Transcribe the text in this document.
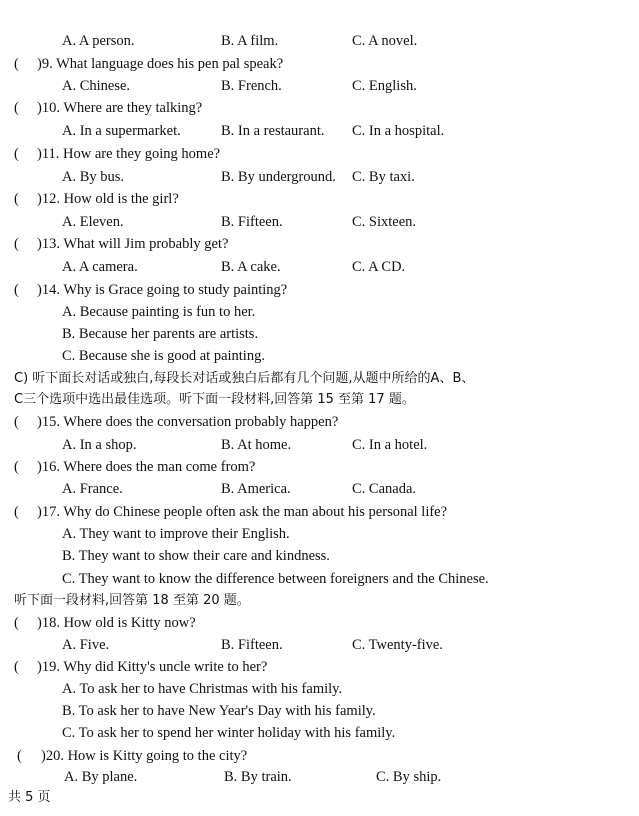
A. A person.	B. A film.	C. A novel.
( )9. What language does his pen pal speak?
A. Chinese.	B. French.	C. English.
( )10. Where are they talking?
A. In a supermarket.	B. In a restaurant. C. In a hospital.
( )11. How are they going home?
A. By bus.	B. By underground. C. By taxi.
( )12. How old is the girl?
A. Eleven.	B. Fifteen.	C. Sixteen.
( )13. What will Jim probably get?
A. A camera.	B. A cake.	C. A CD.
( )14. Why is Grace going to study painting?
A. Because painting is fun to her.
B. Because her parents are artists.
C. Because she is good at painting.
C) 听下面长对话或独白,每段长对话或独白后都有几个问题,从题中所给的A、B、
C三个选项中选出最佳选项。听下面一段材料,回答第 15 至第 17 题。
( )15. Where does the conversation probably happen?
A. In a shop.	B. At home.	C. In a hotel.
( )16. Where does the man come from?
A. France.	B. America.	C. Canada.
( )17. Why do Chinese people often ask the man about his personal life?
A. They want to improve their English.
B. They want to show their care and kindness.
C. They want to know the difference between foreigners and the Chinese.
听下面一段材料,回答第 18 至第 20 题。
( )18. How old is Kitty now?
A. Five.	B. Fifteen.	C. Twenty-five.
( )19. Why did Kitty's uncle write to her?
A. To ask her to have Christmas with his family.
B. To ask her to have New Year's Day with his family.
C. To ask her to spend her winter holiday with his family.
( )20. How is Kitty going to the city?
A. By plane.	B. By train.	C. By ship.
共 5 页
